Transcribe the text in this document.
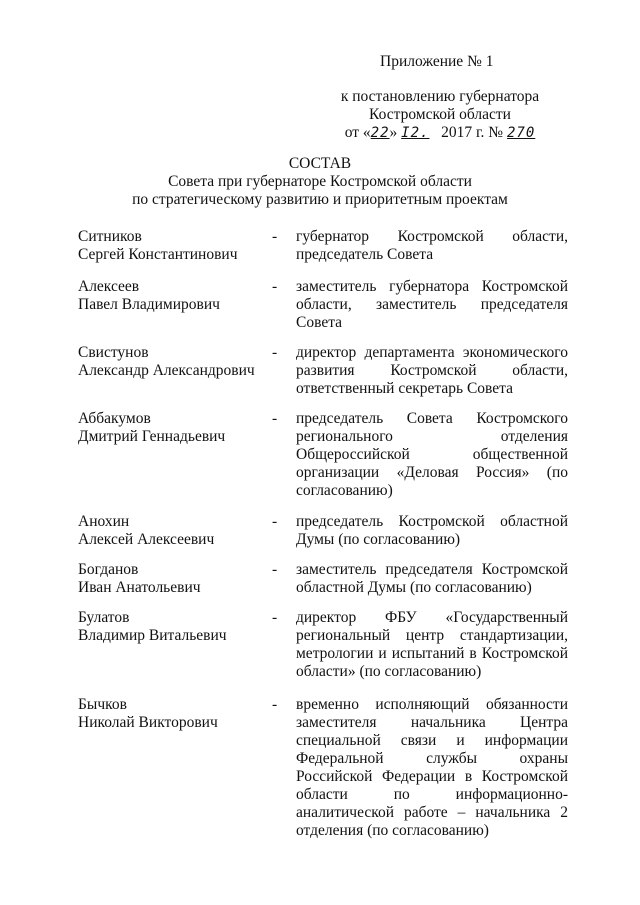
Приложение № 1
к постановлению губернатора
Костромской области
от «22» I2. 2017 г. № 270
СОСТАВ
Совета при губернаторе Костромской области
по стратегическому развитию и приоритетным проектам
Ситников
Сергей Константинович
- губернатор Костромской области, председатель Совета
Алексеев
Павел Владимирович
- заместитель губернатора Костромской области, заместитель председателя Совета
Свистунов
Александр Александрович
- директор департамента экономического развития Костромской области, ответственный секретарь Совета
Аббакумов
Дмитрий Геннадьевич
- председатель Совета Костромского регионального отделения Общероссийской общественной организации «Деловая Россия» (по согласованию)
Анохин
Алексей Алексеевич
- председатель Костромской областной Думы (по согласованию)
Богданов
Иван Анатольевич
- заместитель председателя Костромской областной Думы (по согласованию)
Булатов
Владимир Витальевич
- директор ФБУ «Государственный региональный центр стандартизации, метрологии и испытаний в Костромской области» (по согласованию)
Бычков
Николай Викторович
- временно исполняющий обязанности заместителя начальника Центра специальной связи и информации Федеральной службы охраны Российской Федерации в Костромской области по информационно-аналитической работе – начальника 2 отделения (по согласованию)
